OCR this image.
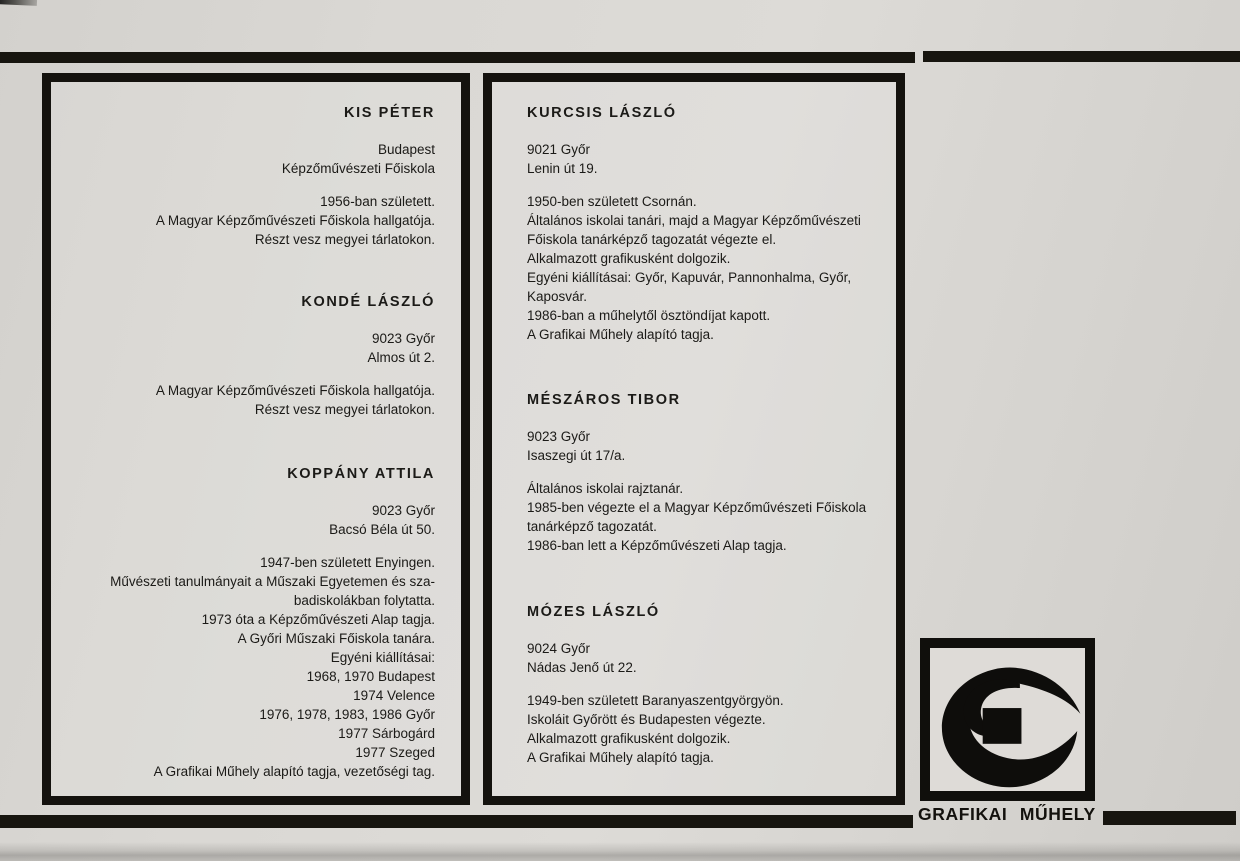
KIS PÉTER

Budapest

Képzőművészeti Főiskola

1956-ban született.

A Magyar Képzőművészeti Főiskola hallgatója.

Részt vesz megyei tárlatokon.

KONDÉ LÁSZLÓ

9023 Győr

Almos út 2.

A Magyar Képzőművészeti Főiskola hallgatója.

Részt vesz megyei tárlatokon.

KOPPÁNY ATTILA

9023 Győr

Bacsó Béla út 50.

1947-ben született Enyingen.

Művészeti tanulmányait a Műszaki Egyetemen és sza-

badiskolákban folytatta.

1973 óta a Képzőművészeti Alap tagja.

A Győri Műszaki Főiskola tanára.

Egyéni kiállításai:

1968, 1970 Budapest

1974 Velence

1976, 1978, 1983, 1986 Győr

1977 Sárbogárd

1977 Szeged

A Grafikai Műhely alapító tagja, vezetőségi tag.

KURCSIS LÁSZLÓ

9021 Győr

Lenin út 19.

1950-ben született Csornán.

Általános iskolai tanári, majd a Magyar Képzőművészeti

Főiskola tanárképző tagozatát végezte el.

Alkalmazott grafikusként dolgozik.

Egyéni kiállításai: Győr, Kapuvár, Pannonhalma, Győr,

Kaposvár.

1986-ban a műhelytől ösztöndíjat kapott.

A Grafikai Műhely alapító tagja.

MÉSZÁROS TIBOR

9023 Győr

Isaszegi út 17/a.

Általános iskolai rajztanár.

1985-ben végezte el a Magyar Képzőművészeti Főiskola

tanárképző tagozatát.

1986-ban lett a Képzőművészeti Alap tagja.

MÓZES LÁSZLÓ

9024 Győr

Nádas Jenő út 22.

1949-ben született Baranyaszentgyörgyön.

Iskoláit Győrött és Budapesten végezte.

Alkalmazott grafikusként dolgozik.

A Grafikai Műhely alapító tagja.

GRAFIKAI MŰHELY
